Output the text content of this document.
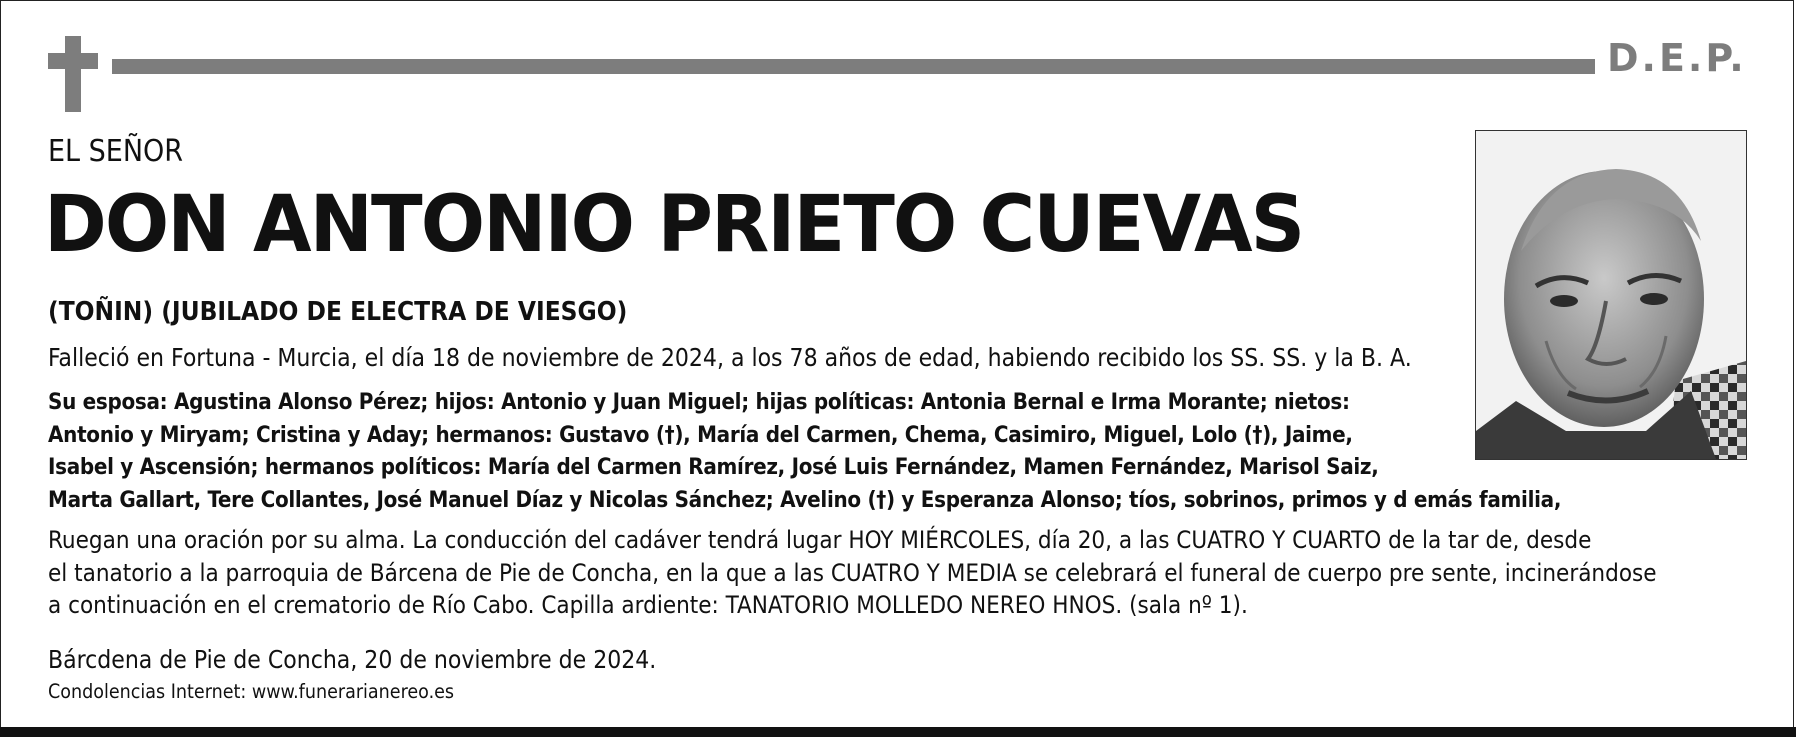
D.E.P.
EL SEÑOR
DON ANTONIO PRIETO CUEVAS
(TOÑIN) (JUBILADO DE ELECTRA DE VIESGO)
Falleció en Fortuna - Murcia, el día 18 de noviembre de 2024, a los 78 años de edad, habiendo recibido los SS. SS. y la B. A.
Su esposa: Agustina Alonso Pérez; hijos: Antonio y Juan Miguel; hijas políticas: Antonia Bernal e Irma Morante; nietos:
Antonio y Miryam; Cristina y Aday; hermanos: Gustavo (†), María del Carmen, Chema, Casimiro, Miguel, Lolo (†), Jaime,
Isabel y Ascensión; hermanos políticos: María del Carmen Ramírez, José Luis Fernández, Mamen Fernández, Marisol Saiz,
Marta Gallart, Tere Collantes, José Manuel Díaz y Nicolas Sánchez; Avelino (†) y Esperanza Alonso; tíos, sobrinos, primos y d emás familia,
Ruegan una oración por su alma. La conducción del cadáver tendrá lugar HOY MIÉRCOLES, día 20, a las CUATRO Y CUARTO de la tar de, desde
el tanatorio a la parroquia de Bárcena de Pie de Concha, en la que a las CUATRO Y MEDIA se celebrará el funeral de cuerpo pre sente, incinerándose
a continuación en el crematorio de Río Cabo. Capilla ardiente: TANATORIO MOLLEDO NEREO HNOS. (sala nº 1).
Bárcdena de Pie de Concha, 20 de noviembre de 2024.
Condolencias Internet: www.funerarianereo.es
